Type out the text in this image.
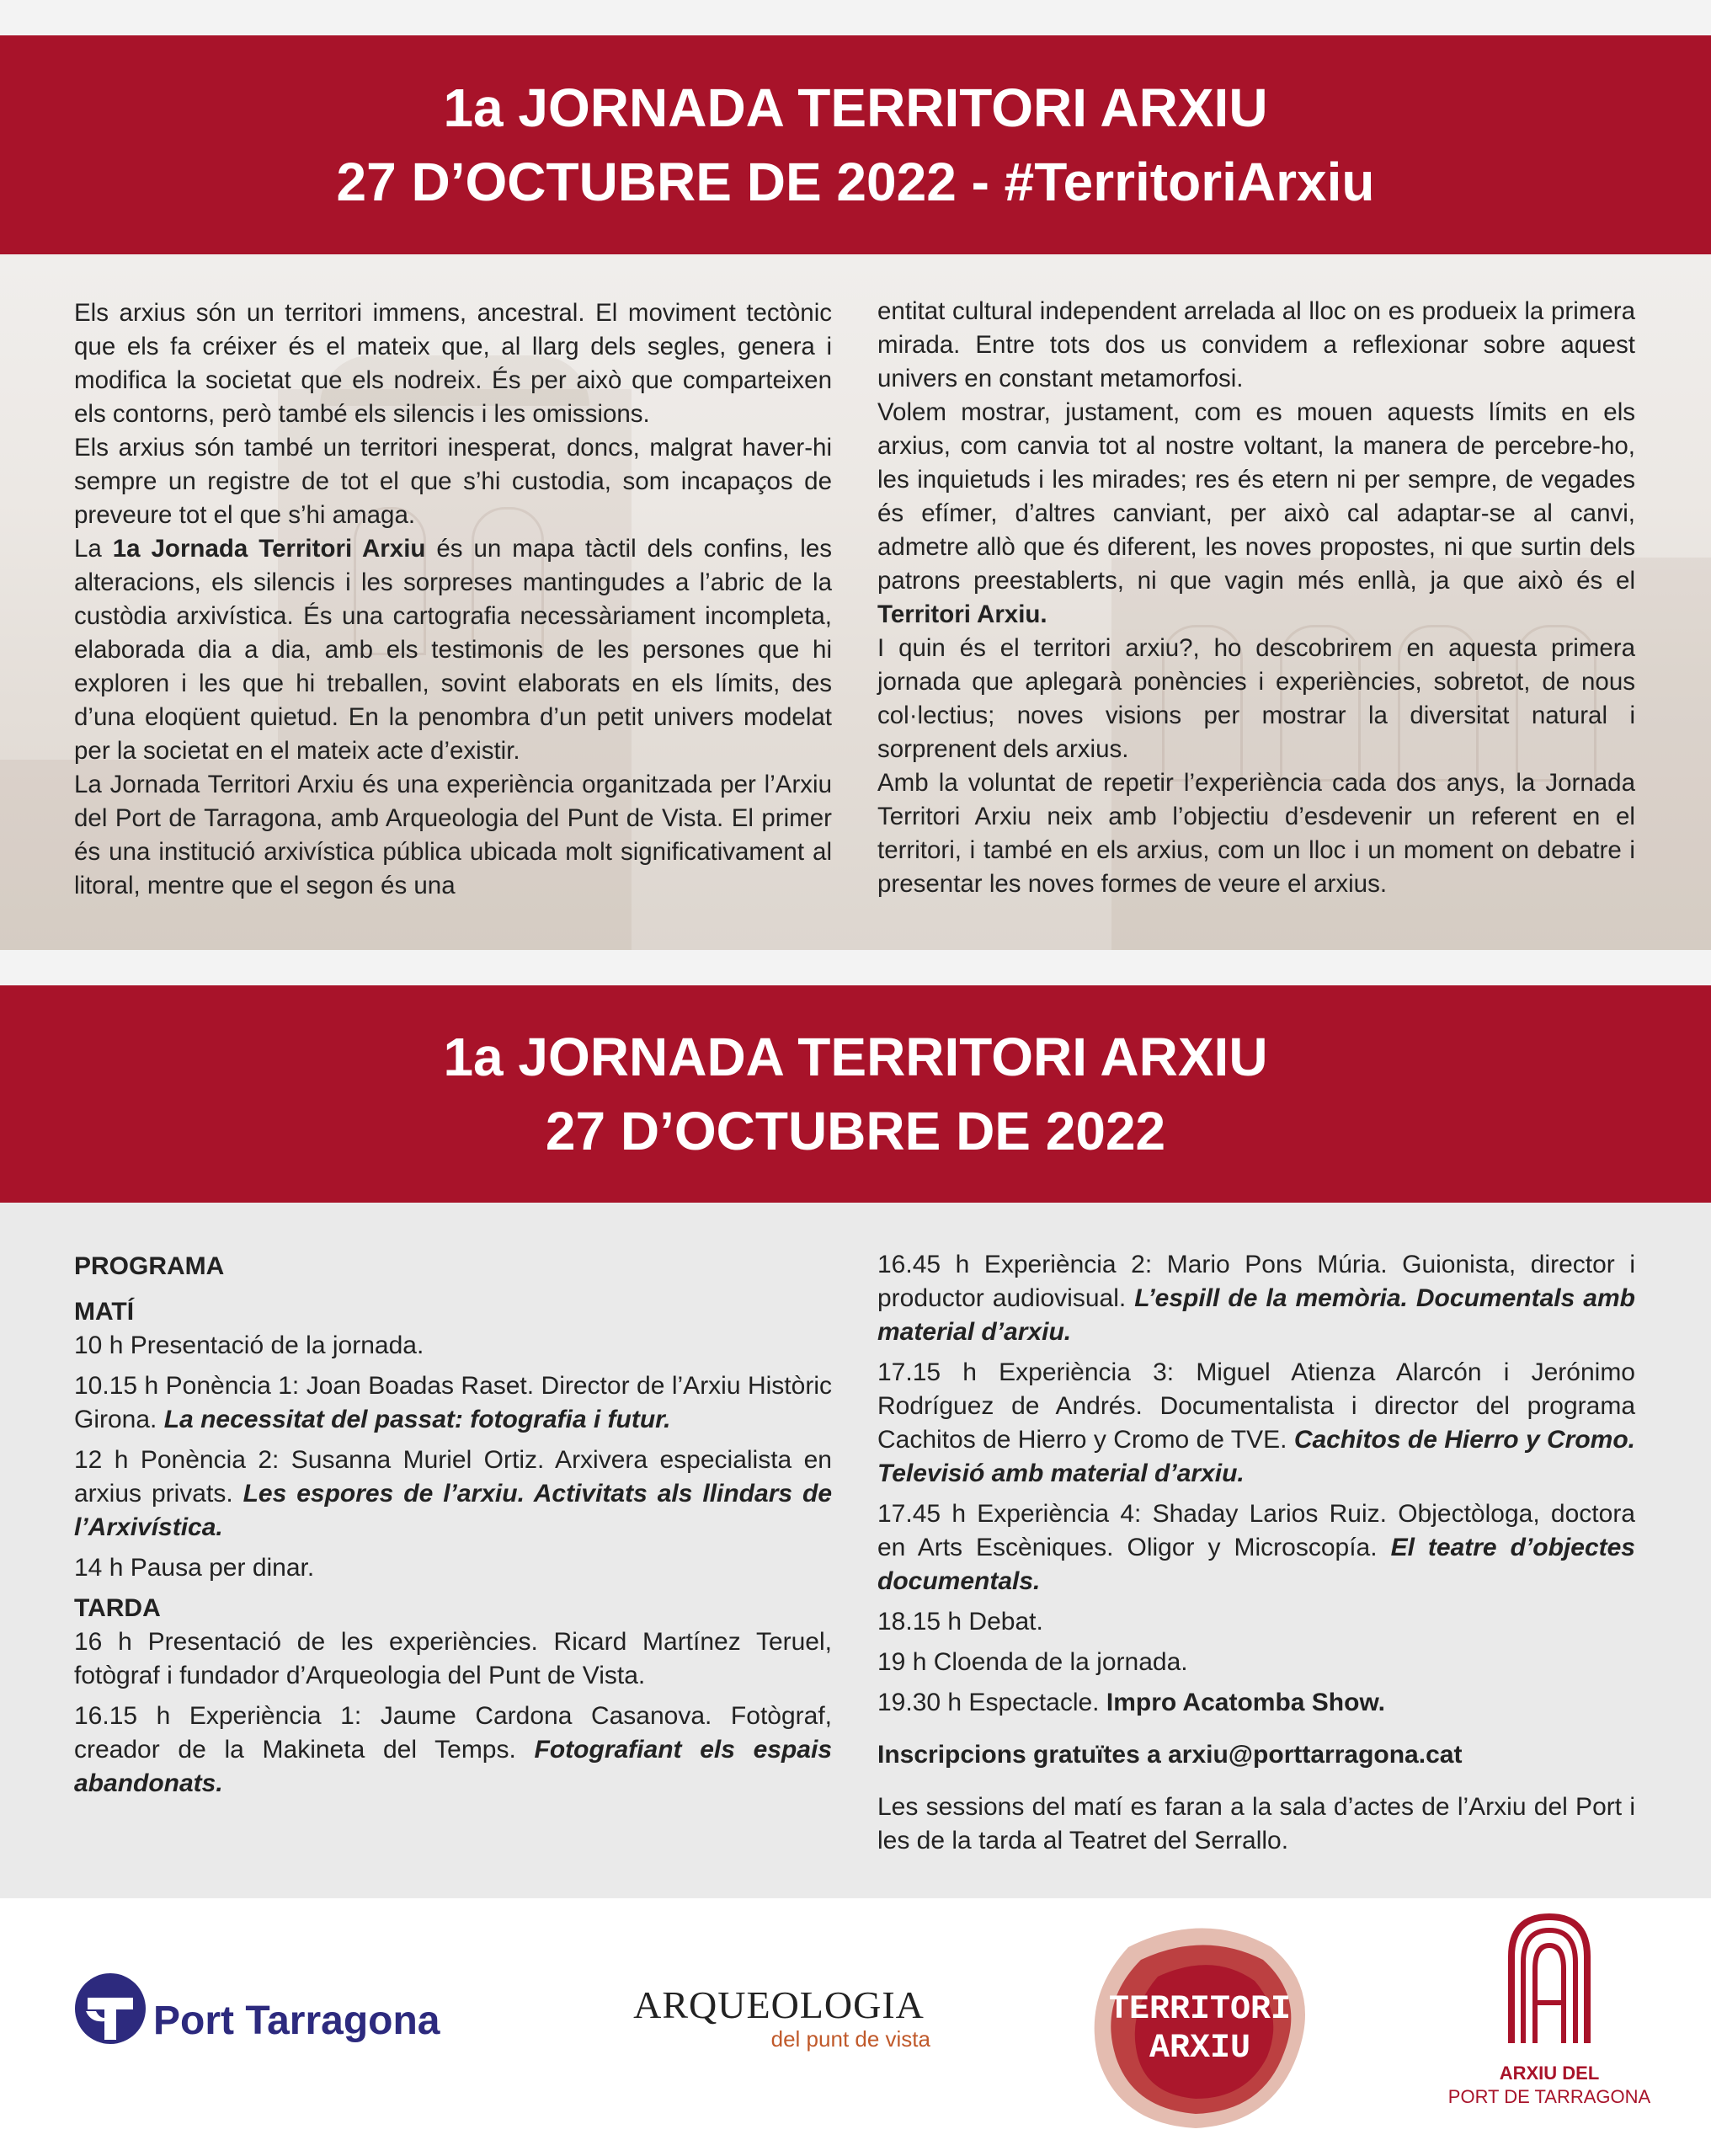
1a JORNADA TERRITORI ARXIU
27 D’OCTUBRE DE 2022 - #TerritoriArxiu

Els arxius són un territori immens, ancestral. El moviment tectònic que els fa créixer és el mateix que, al llarg dels segles, genera i modifica la societat que els nodreix. És per això que comparteixen els contorns, però també els silencis i les omissions.

Els arxius són també un territori inesperat, doncs, malgrat haver-hi sempre un registre de tot el que s’hi custodia, som incapaços de preveure tot el que s’hi amaga.

La 1a Jornada Territori Arxiu és un mapa tàctil dels confins, les alteracions, els silencis i les sorpreses mantingudes a l’abric de la custòdia arxivística. És una cartografia necessàriament incompleta, elaborada dia a dia, amb els testimonis de les persones que hi exploren i les que hi treballen, sovint elaborats en els límits, des d’una eloqüent quietud. En la penombra d’un petit univers modelat per la societat en el mateix acte d’existir.

La Jornada Territori Arxiu és una experiència organitzada per l’Arxiu del Port de Tarragona, amb Arqueologia del Punt de Vista. El primer és una institució arxivística pública ubicada molt significativament al litoral, mentre que el segon és una

entitat cultural independent arrelada al lloc on es produeix la primera mirada. Entre tots dos us convidem a reflexionar sobre aquest univers en constant metamorfosi.

Volem mostrar, justament, com es mouen aquests límits en els arxius, com canvia tot al nostre voltant, la manera de percebre-ho, les inquietuds i les mirades; res és etern ni per sempre, de vegades és efímer, d’altres canviant, per això cal adaptar-se al canvi, admetre allò que és diferent, les noves propostes, ni que surtin dels patrons preestablerts, ni que vagin més enllà, ja que això és el Territori Arxiu.

I quin és el territori arxiu?, ho descobrirem en aquesta primera jornada que aplegarà ponències i experiències, sobretot, de nous col·lectius; noves visions per mostrar la diversitat natural i sorprenent dels arxius.

Amb la voluntat de repetir l’experiència cada dos anys, la Jornada Territori Arxiu neix amb l’objectiu d’esdevenir un referent en el territori, i també en els arxius, com un lloc i un moment on debatre i presentar les noves formes de veure el arxius.

1a JORNADA TERRITORI ARXIU
27 D’OCTUBRE DE 2022

PROGRAMA

MATÍ

10 h Presentació de la jornada.

10.15 h Ponència 1: Joan Boadas Raset. Director de l’Arxiu Històric Girona. La necessitat del passat: fotografia i futur.

12 h Ponència 2: Susanna Muriel Ortiz. Arxivera especialista en arxius privats. Les espores de l’arxiu. Activitats als llindars de l’Arxivística.

14 h Pausa per dinar.

TARDA

16 h Presentació de les experiències. Ricard Martínez Teruel, fotògraf i fundador d’Arqueologia del Punt de Vista.

16.15 h Experiència 1: Jaume Cardona Casanova. Fotògraf, creador de la Makineta del Temps. Fotografiant els espais abandonats.

16.45 h Experiència 2: Mario Pons Múria. Guionista, director i productor audiovisual. L’espill de la memòria. Documentals amb material d’arxiu.

17.15 h Experiència 3: Miguel Atienza Alarcón i Jerónimo Rodríguez de Andrés. Documentalista i director del programa Cachitos de Hierro y Cromo de TVE. Cachitos de Hierro y Cromo. Televisió amb material d’arxiu.

17.45 h Experiència 4: Shaday Larios Ruiz. Objectòloga, doctora en Arts Escèniques. Oligor y Microscopía. El teatre d’objectes documentals.

18.15 h Debat.

19 h Cloenda de la jornada.

19.30 h Espectacle. Impro Acatomba Show.

Inscripcions gratuïtes a arxiu@porttarragona.cat

Les sessions del matí es faran a la sala d’actes de l’Arxiu del Port i les de la tarda al Teatret del Serrallo.

Port Tarragona	ARQUEOLOGIA
del punt de vista
TERRITORI
ARXIU
ARXIU DEL
PORT DE TARRAGONA
